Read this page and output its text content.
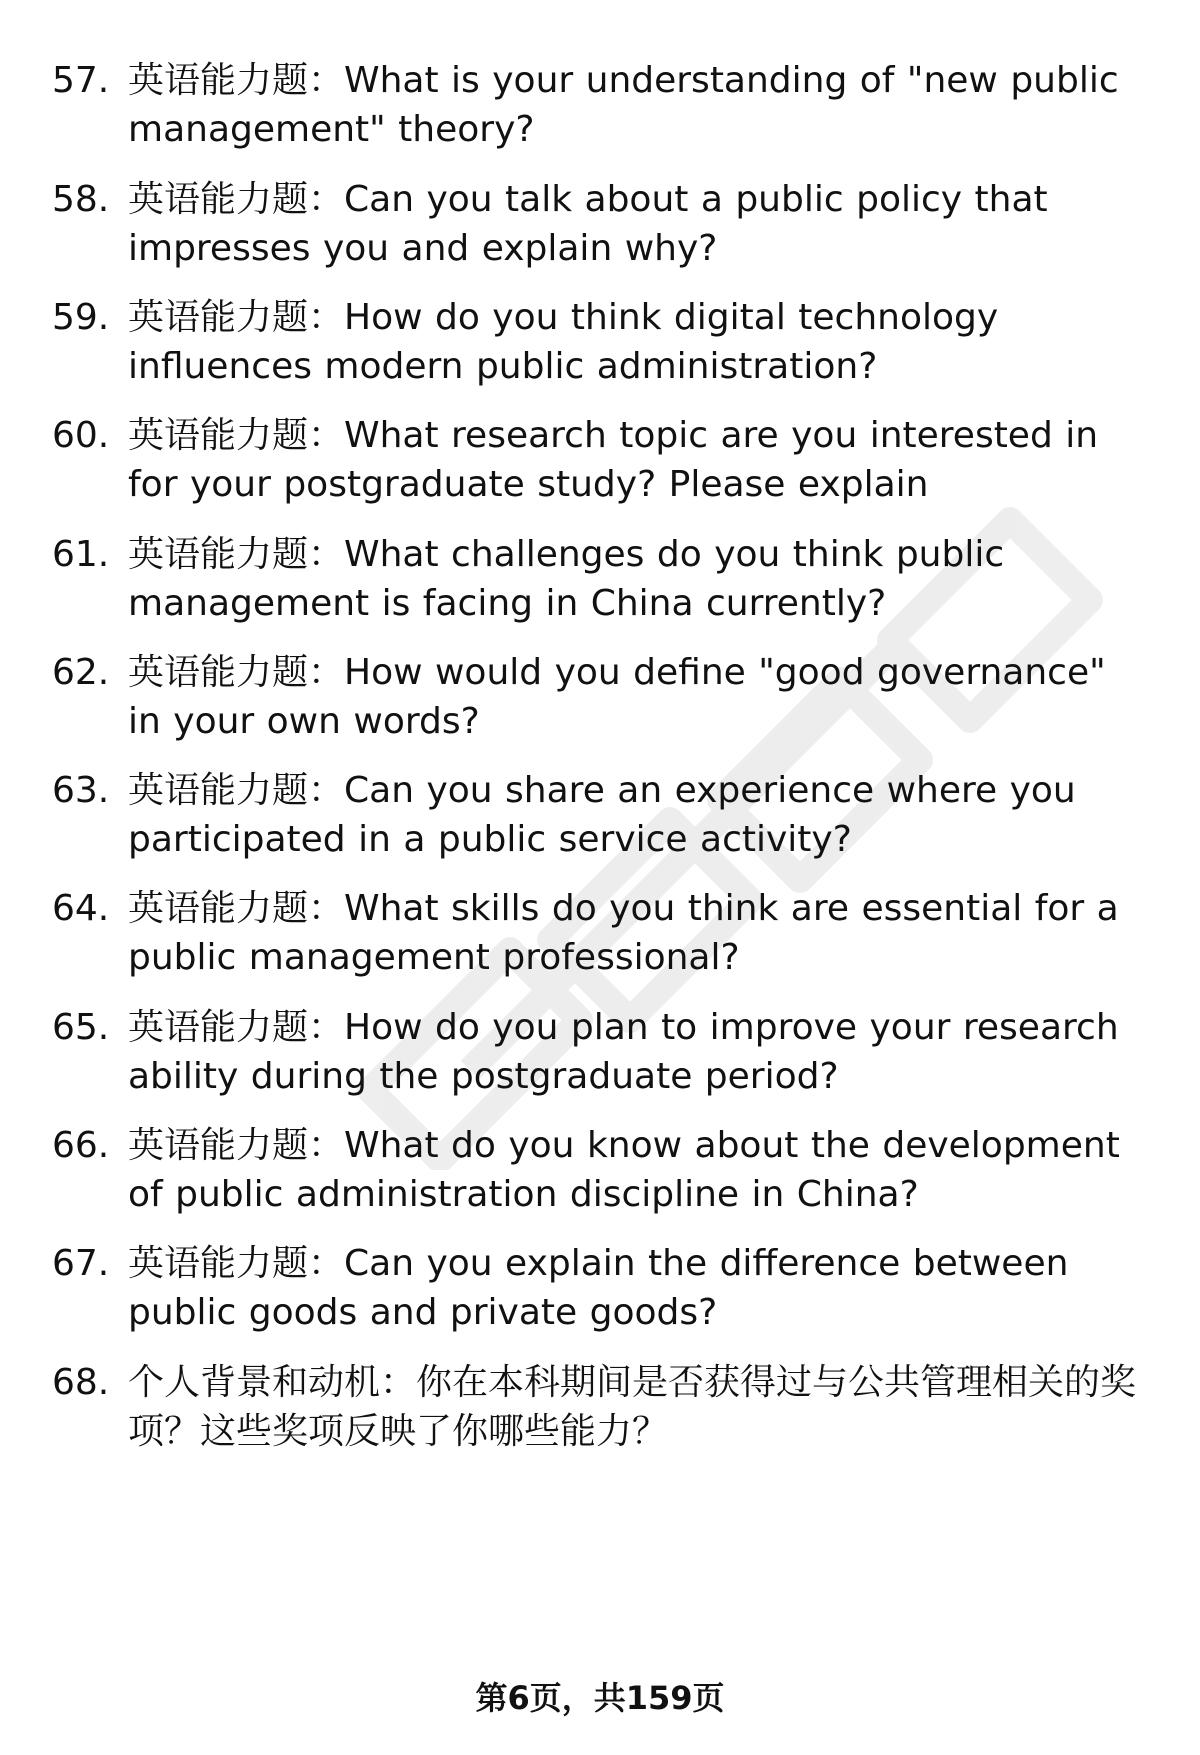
57. 英语能力题：What is your understanding of "new public management" theory?
58. 英语能力题：Can you talk about a public policy that impresses you and explain why?
59. 英语能力题：How do you think digital technology influences modern public administration?
60. 英语能力题：What research topic are you interested in for your postgraduate study? Please explain
61. 英语能力题：What challenges do you think public management is facing in China currently?
62. 英语能力题：How would you define "good governance" in your own words?
63. 英语能力题：Can you share an experience where you participated in a public service activity?
64. 英语能力题：What skills do you think are essential for a public management professional?
65. 英语能力题：How do you plan to improve your research ability during the postgraduate period?
66. 英语能力题：What do you know about the development of public administration discipline in China?
67. 英语能力题：Can you explain the difference between public goods and private goods?
68. 个人背景和动机：你在本科期间是否获得过与公共管理相关的奖项？这些奖项反映了你哪些能力？
第6页，共159页
